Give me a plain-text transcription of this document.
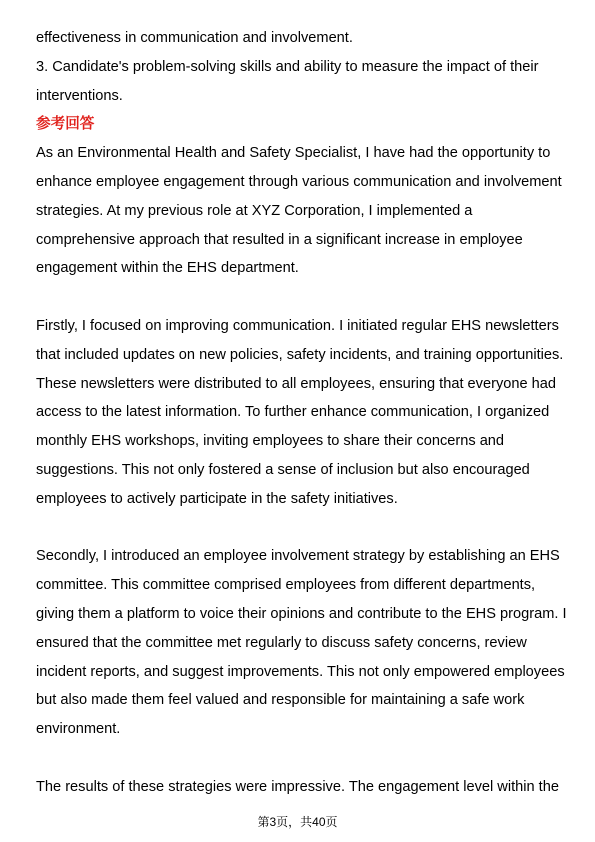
effectiveness in communication and involvement.
3. Candidate's problem-solving skills and ability to measure the impact of their
interventions.
参考回答
As an Environmental Health and Safety Specialist, I have had the opportunity to
enhance employee engagement through various communication and involvement
strategies. At my previous role at XYZ Corporation, I implemented a
comprehensive approach that resulted in a significant increase in employee
engagement within the EHS department.
Firstly, I focused on improving communication. I initiated regular EHS newsletters
that included updates on new policies, safety incidents, and training opportunities.
These newsletters were distributed to all employees, ensuring that everyone had
access to the latest information. To further enhance communication, I organized
monthly EHS workshops, inviting employees to share their concerns and
suggestions. This not only fostered a sense of inclusion but also encouraged
employees to actively participate in the safety initiatives.
Secondly, I introduced an employee involvement strategy by establishing an EHS
committee. This committee comprised employees from different departments,
giving them a platform to voice their opinions and contribute to the EHS program. I
ensured that the committee met regularly to discuss safety concerns, review
incident reports, and suggest improvements. This not only empowered employees
but also made them feel valued and responsible for maintaining a safe work
environment.
The results of these strategies were impressive. The engagement level within the
第3页，共40页
